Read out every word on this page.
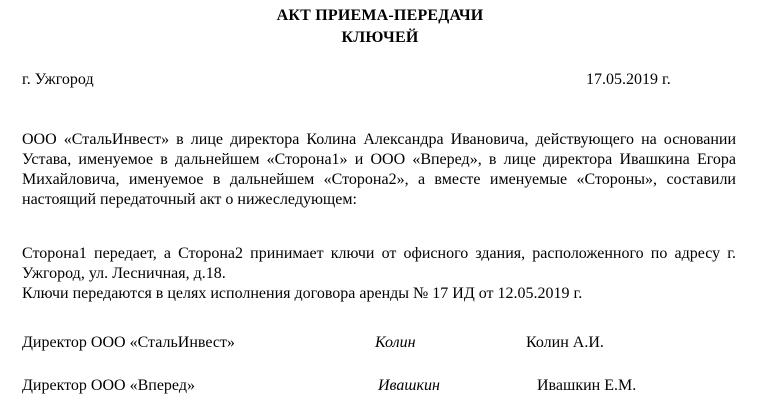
АКТ ПРИЕМА-ПЕРЕДАЧИ
КЛЮЧЕЙ
г. Ужгород	17.05.2019 г.
ООО «СтальИнвест» в лице директора Колина Александра Ивановича, действующего на основании Устава, именуемое в дальнейшем «Сторона1» и ООО «Вперед», в лице директора Ивашкина Егора Михайловича, именуемое в дальнейшем «Сторона2», а вместе именуемые «Стороны», составили настоящий передаточный акт о нижеследующем:
Сторона1 передает, а Сторона2 принимает ключи от офисного здания, расположенного по адресу г. Ужгород, ул. Лесничная, д.18.
Ключи передаются в целях исполнения договора аренды № 17 ИД от 12.05.2019 г.
Директор ООО «СтальИнвест»	Колин	Колин А.И.
Директор ООО «Вперед»	Ивашкин	Ивашкин Е.М.
